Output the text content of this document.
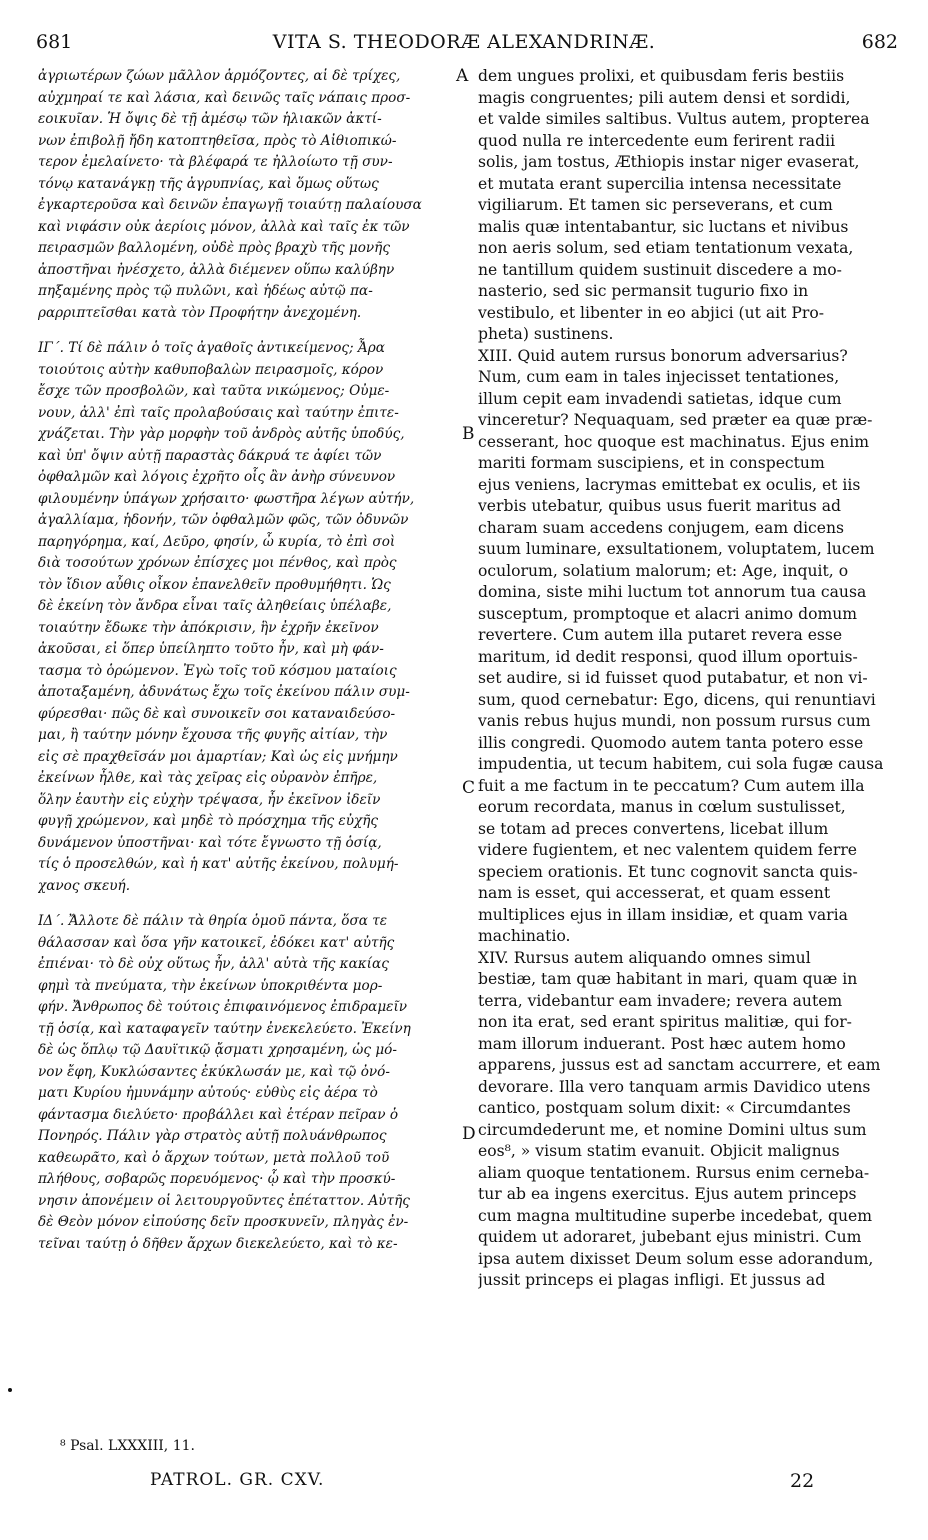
681	VITA S. THEODORÆ ALEXANDRINÆ.	682
ἀγριωτέρων ζώων μᾶλλον ἁρμόζοντες, αἱ δὲ τρίχες,
αὐχμηραί τε καὶ λάσια, καὶ δεινῶς ταῖς νάπαις προσ-
εοικυῖαν. Ἡ ὄψις δὲ τῇ ἀμέσῳ τῶν ἡλιακῶν ἀκτί-
νων ἐπιβολῇ ἤδη κατοπτηθεῖσα, πρὸς τὸ Αἰθιοπικώ-
τερον ἐμελαίνετο· τὰ βλέφαρά τε ἠλλοίωτο τῇ συν-
τόνῳ κατανάγκῃ τῆς ἀγρυπνίας, καὶ ὅμως οὕτως
ἐγκαρτεροῦσα καὶ δεινῶν ἐπαγωγῇ τοιαύτῃ παλαίουσα
καὶ νιφάσιν οὐκ ἀερίοις μόνον, ἀλλὰ καὶ ταῖς ἐκ τῶν
πειρασμῶν βαλλομένη, οὐδὲ πρὸς βραχὺ τῆς μονῆς
ἀποστῆναι ἠνέσχετο, ἀλλὰ διέμενεν οὕπω καλύβην
πηξαμένης πρὸς τῷ πυλῶνι, καὶ ἡδέως αὐτῷ πα-
ραρριπτεῖσθαι κατὰ τὸν Προφήτην ἀνεχομένη.
ΙΓ΄. Τί δὲ πάλιν ὁ τοῖς ἀγαθοῖς ἀντικείμενος; Ἆρα
τοιούτοις αὐτὴν καθυποβαλὼν πειρασμοῖς, κόρον
ἔσχε τῶν προσβολῶν, καὶ ταῦτα νικώμενος; Οὐμε-
νουν, ἀλλ' ἐπὶ ταῖς προλαβούσαις καὶ ταύτην ἐπιτε-
χνάζεται. Τὴν γὰρ μορφὴν τοῦ ἀνδρὸς αὐτῆς ὑποδύς,
καὶ ὑπ' ὄψιν αὐτῇ παραστὰς δάκρυά τε ἀφίει τῶν
ὀφθαλμῶν καὶ λόγοις ἐχρῆτο οἷς ἂν ἀνὴρ σύνευνον
φιλουμένην ὑπάγων χρήσαιτο· φωστῆρα λέγων αὐτήν,
ἀγαλλίαμα, ἡδονήν, τῶν ὀφθαλμῶν φῶς, τῶν ὀδυνῶν
παρηγόρημα, καί, Δεῦρο, φησίν, ὦ κυρία, τὸ ἐπὶ σοὶ
διὰ τοσούτων χρόνων ἐπίσχες μοι πένθος, καὶ πρὸς
τὸν ἴδιον αὖθις οἶκον ἐπανελθεῖν προθυμήθητι. Ὡς
δὲ ἐκείνη τὸν ἄνδρα εἶναι ταῖς ἀληθείαις ὑπέλαβε,
τοιαύτην ἔδωκε τὴν ἀπόκρισιν, ἣν ἐχρῆν ἐκεῖνον
ἀκοῦσαι, εἰ ὅπερ ὑπείληπτο τοῦτο ἦν, καὶ μὴ φάν-
τασμα τὸ ὁρώμενον. Ἐγὼ τοῖς τοῦ κόσμου ματαίοις
ἀποταξαμένη, ἀδυνάτως ἔχω τοῖς ἐκείνου πάλιν συμ-
φύρεσθαι· πῶς δὲ καὶ συνοικεῖν σοι καταναιδεύσο-
μαι, ἢ ταύτην μόνην ἔχουσα τῆς φυγῆς αἰτίαν, τὴν
εἰς σὲ πραχθεῖσάν μοι ἁμαρτίαν; Καὶ ὡς εἰς μνήμην
ἐκείνων ἦλθε, καὶ τὰς χεῖρας εἰς οὐρανὸν ἐπῆρε,
ὅλην ἑαυτὴν εἰς εὐχὴν τρέψασα, ἦν ἐκεῖνον ἰδεῖν
φυγῇ χρώμενον, καὶ μηδὲ τὸ πρόσχημα τῆς εὐχῆς
δυνάμενον ὑποστῆναι· καὶ τότε ἔγνωστο τῇ ὁσίᾳ,
τίς ὁ προσελθών, καὶ ἡ κατ' αὐτῆς ἐκείνου, πολυμή-
χανος σκευή.
ΙΔ΄. Ἄλλοτε δὲ πάλιν τὰ θηρία ὁμοῦ πάντα, ὅσα τε
θάλασσαν καὶ ὅσα γῆν κατοικεῖ, ἐδόκει κατ' αὐτῆς
ἐπιέναι· τὸ δὲ οὐχ οὕτως ἦν, ἀλλ' αὐτὰ τῆς κακίας
φημὶ τὰ πνεύματα, τὴν ἐκείνων ὑποκριθέντα μορ-
φήν. Ἄνθρωπος δὲ τούτοις ἐπιφαινόμενος ἐπιδραμεῖν
τῇ ὁσίᾳ, καὶ καταφαγεῖν ταύτην ἐνεκελεύετο. Ἐκείνη
δὲ ὡς ὅπλῳ τῷ Δαυϊτικῷ ᾄσματι χρησαμένη, ὡς μό-
νον ἔφη, Κυκλώσαντες ἐκύκλωσάν με, καὶ τῷ ὀνό-
ματι Κυρίου ἠμυνάμην αὐτούς· εὐθὺς εἰς ἀέρα τὸ
φάντασμα διελύετο· προβάλλει καὶ ἑτέραν πεῖραν ὁ
Πονηρός. Πάλιν γὰρ στρατὸς αὐτῇ πολυάνθρωπος
καθεωρᾶτο, καὶ ὁ ἄρχων τούτων, μετὰ πολλοῦ τοῦ
πλήθους, σοβαρῶς πορευόμενος· ᾧ καὶ τὴν προσκύ-
νησιν ἀπονέμειν οἱ λειτουργοῦντες ἐπέταττον. Αὐτῆς
δὲ Θεὸν μόνον εἰπούσης δεῖν προσκυνεῖν, πληγὰς ἐν-
τεῖναι ταύτῃ ὁ δῆθεν ἄρχων διεκελεύετο, καὶ τὸ κε-
dem ungues prolixi, et quibusdam feris bestiis
magis congruentes; pili autem densi et sordidi,
et valde similes saltibus. Vultus autem, propterea
quod nulla re intercedente eum ferirent radii
solis, jam tostus, Æthiopis instar niger evaserat,
et mutata erant supercilia intensa necessitate
vigiliarum. Et tamen sic perseverans, et cum
malis quæ intentabantur, sic luctans et nivibus
non aeris solum, sed etiam tentationum vexata,
ne tantillum quidem sustinuit discedere a mo-
nasterio, sed sic permansit tugurio fixo in
vestibulo, et libenter in eo abjici (ut ait Pro-
pheta) sustinens.
XIII. Quid autem rursus bonorum adversarius?
Num, cum eam in tales injecisset tentationes,
illum cepit eam invadendi satietas, idque cum
vinceretur? Nequaquam, sed præter ea quæ præ-
cesserant, hoc quoque est machinatus. Ejus enim
mariti formam suscipiens, et in conspectum
ejus veniens, lacrymas emittebat ex oculis, et iis
verbis utebatur, quibus usus fuerit maritus ad
charam suam accedens conjugem, eam dicens
suum luminare, exsultationem, voluptatem, lucem
oculorum, solatium malorum; et: Age, inquit, o
domina, siste mihi luctum tot annorum tua causa
susceptum, promptoque et alacri animo domum
revertere. Cum autem illa putaret revera esse
maritum, id dedit responsi, quod illum oportuis-
set audire, si id fuisset quod putabatur, et non vi-
sum, quod cernebatur: Ego, dicens, qui renuntiavi
vanis rebus hujus mundi, non possum rursus cum
illis congredi. Quomodo autem tanta potero esse
impudentia, ut tecum habitem, cui sola fugæ causa
fuit a me factum in te peccatum? Cum autem illa
eorum recordata, manus in cœlum sustulisset,
se totam ad preces convertens, licebat illum
videre fugientem, et nec valentem quidem ferre
speciem orationis. Et tunc cognovit sancta quis-
nam is esset, qui accesserat, et quam essent
multiplices ejus in illam insidiæ, et quam varia
machinatio.
XIV. Rursus autem aliquando omnes simul
bestiæ, tam quæ habitant in mari, quam quæ in
terra, videbantur eam invadere; revera autem
non ita erat, sed erant spiritus malitiæ, qui for-
mam illorum induerant. Post hæc autem homo
apparens, jussus est ad sanctam accurrere, et eam
devorare. Illa vero tanquam armis Davidico utens
cantico, postquam solum dixit: « Circumdantes
circumdederunt me, et nomine Domini ultus sum
eos⁸, » visum statim evanuit. Objicit malignus
aliam quoque tentationem. Rursus enim cerneba-
tur ab ea ingens exercitus. Ejus autem princeps
cum magna multitudine superbe incedebat, quem
quidem ut adoraret, jubebant ejus ministri. Cum
ipsa autem dixisset Deum solum esse adorandum,
jussit princeps ei plagas infligi. Et jussus ad
A
B
C
D
⁸ Psal. LXXXIII, 11.
PATROL. GR. CXV.	22
